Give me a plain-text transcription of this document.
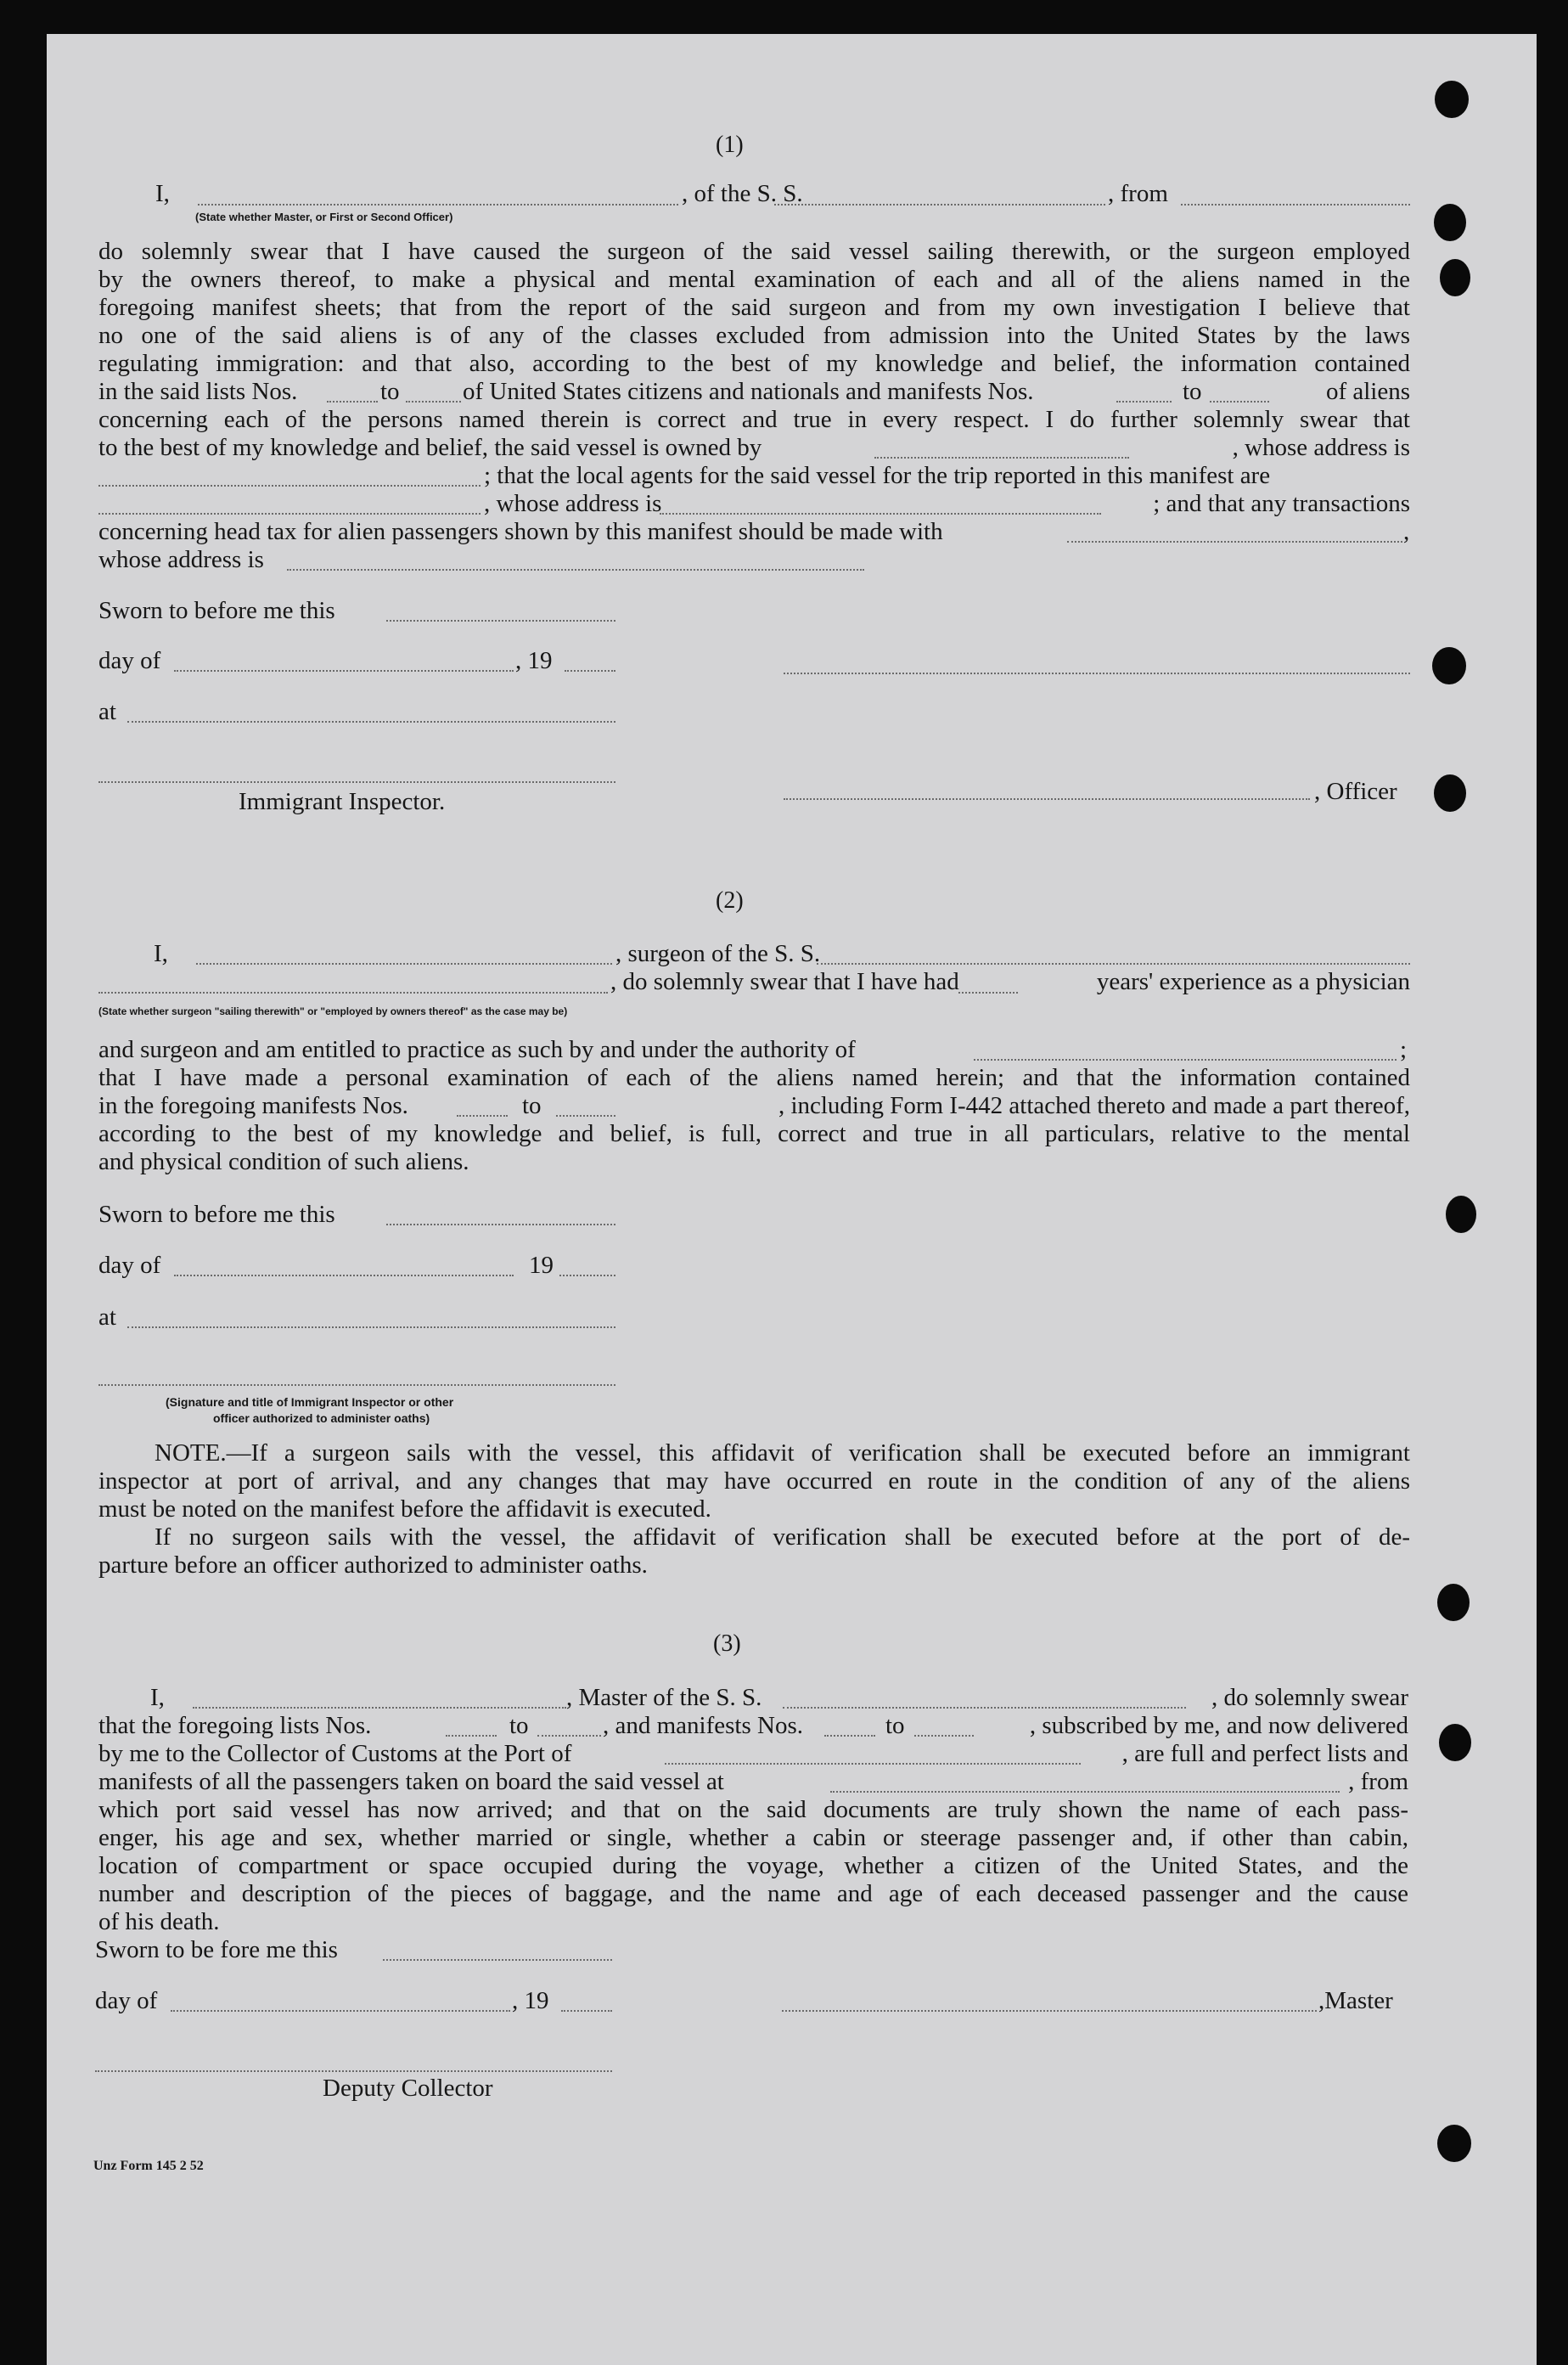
(1)
I,	, of the S. S.	, from
(State whether Master, or First or Second Officer)
do solemnly swear that I have caused the surgeon of the said vessel sailing therewith, or the surgeon employed
by the owners thereof, to make a physical and mental examination of each and all of the aliens named in the
foregoing manifest sheets; that from the report of the said surgeon and from my own investigation I believe that
no one of the said aliens is of any of the classes excluded from admission into the United States by the laws
regulating immigration: and that also, according to the best of my knowledge and belief, the information contained
in the said lists Nos.	to	of United States citizens and nationals and manifests Nos.	to	of aliens
concerning each of the persons named therein is correct and true in every respect. I do further solemnly swear that
to the best of my knowledge and belief, the said vessel is owned by	, whose address is
; that the local agents for the said vessel for the trip reported in this manifest are
, whose address is	; and that any transactions
concerning head tax for alien passengers shown by this manifest should be made with	,
whose address is
Sworn to before me this
day of	, 19
at
Immigrant Inspector.	, Officer
(2)
I,	, surgeon of the S. S.
, do solemnly swear that I have had	years' experience as a physician
(State whether surgeon "sailing therewith" or "employed by owners thereof" as the case may be)
and surgeon and am entitled to practice as such by and under the authority of	;
that I have made a personal examination of each of the aliens named herein; and that the information contained
in the foregoing manifests Nos.	to	, including Form I-442 attached thereto and made a part thereof,
according to the best of my knowledge and belief, is full, correct and true in all particulars, relative to the mental
and physical condition of such aliens.
Sworn to before me this
day of	19
at
(Signature and title of Immigrant Inspector or other
officer authorized to administer oaths)
NOTE.—If a surgeon sails with the vessel, this affidavit of verification shall be executed before an immigrant
inspector at port of arrival, and any changes that may have occurred en route in the condition of any of the aliens
must be noted on the manifest before the affidavit is executed.
If no surgeon sails with the vessel, the affidavit of verification shall be executed before at the port of de-
parture before an officer authorized to administer oaths.
(3)
I,	, Master of the S. S.	, do solemnly swear
that the foregoing lists Nos.	to	, and manifests Nos.	to	, subscribed by me, and now delivered
by me to the Collector of Customs at the Port of	, are full and perfect lists and
manifests of all the passengers taken on board the said vessel at	, from
which port said vessel has now arrived; and that on the said documents are truly shown the name of each pass-
enger, his age and sex, whether married or single, whether a cabin or steerage passenger and, if other than cabin,
location of compartment or space occupied during the voyage, whether a citizen of the United States, and the
number and description of the pieces of baggage, and the name and age of each deceased passenger and the cause
of his death.
Sworn to be fore me this
day of	, 19	,Master
Deputy Collector
Unz Form 145 2 52
